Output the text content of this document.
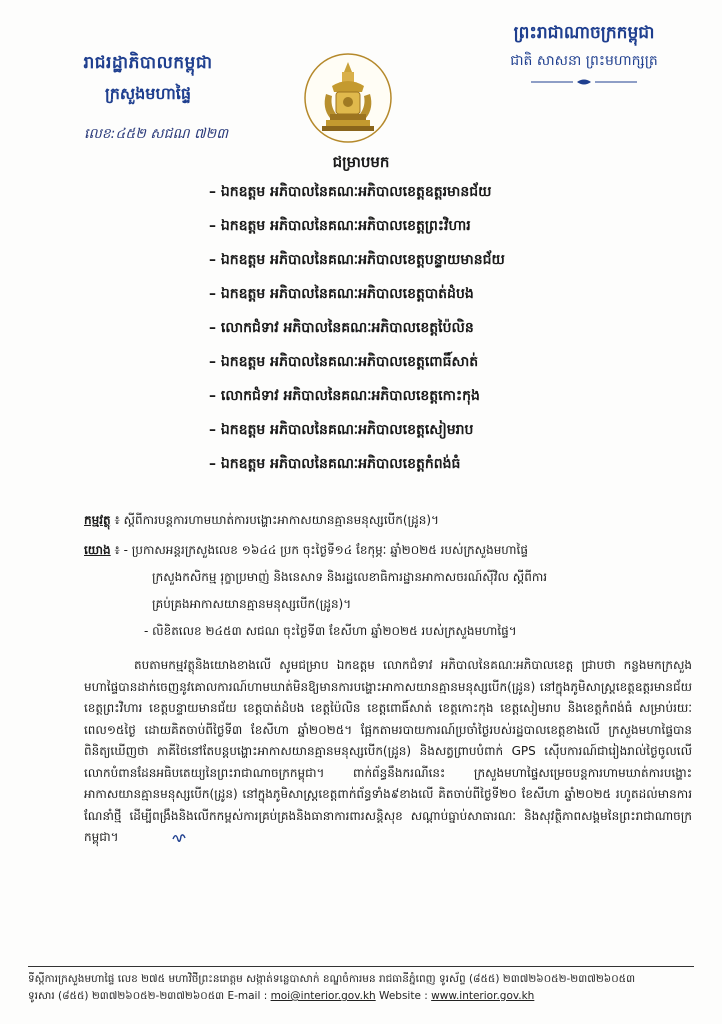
រាជរដ្ឋាភិបាលកម្ពុជា
ក្រសួងមហាផ្ទៃ
លេខ:៤៥២ សជណ ៧២៣
ព្រះរាជាណាចក្រកម្ពុជា
ជាតិ សាសនា ព្រះមហាក្សត្រ
ជម្រាបមក
– ឯកឧត្តម អភិបាលនៃគណៈអភិបាលខេត្តឧត្តរមានជ័យ
– ឯកឧត្តម អភិបាលនៃគណៈអភិបាលខេត្តព្រះវិហារ
– ឯកឧត្តម អភិបាលនៃគណៈអភិបាលខេត្តបន្ទាយមានជ័យ
– ឯកឧត្តម អភិបាលនៃគណៈអភិបាលខេត្តបាត់ដំបង
– លោកជំទាវ អភិបាលនៃគណៈអភិបាលខេត្តប៉ៃលិន
– ឯកឧត្តម អភិបាលនៃគណៈអភិបាលខេត្តពោធិ៍សាត់
– លោកជំទាវ អភិបាលនៃគណៈអភិបាលខេត្តកោះកុង
– ឯកឧត្តម អភិបាលនៃគណៈអភិបាលខេត្តសៀមរាប
– ឯកឧត្តម អភិបាលនៃគណៈអភិបាលខេត្តកំពង់ធំ
កម្មវត្ថុ ៖ ស្តីពីការបន្តការហាមឃាត់ការបង្ហោះអាកាសយានគ្មានមនុស្សបើក(ដ្រូន)។
យោង ៖ - ប្រកាសអន្តរក្រសួងលេខ ១៦៤៤ ប្រក ចុះថ្ងៃទី១៤ ខែកុម្ភៈ ឆ្នាំ២០២៥ របស់ក្រសួងមហាផ្ទៃ
ក្រសួងកសិកម្ម រុក្ខាប្រមាញ់ និងនេសាទ និងរដ្ឋលេខាធិការដ្ឋានអាកាសចរណ៍ស៊ីវិល ស្តីពីការ
គ្រប់គ្រងអាកាសយានគ្មានមនុស្សបើក(ដ្រូន)។
- លិខិតលេខ ២៤៥៣ សជណ ចុះថ្ងៃទី៣ ខែសីហា ឆ្នាំ២០២៥ របស់ក្រសួងមហាផ្ទៃ។

តបតាមកម្មវត្ថុនិងយោងខាងលើ សូមជម្រាប ឯកឧត្តម លោកជំទាវ អភិបាលនៃគណៈអភិបាលខេត្ត ជ្រាបថា កន្លងមកក្រសួងមហាផ្ទៃបានដាក់ចេញនូវគោលការណ៍ហាមឃាត់មិនឱ្យមានការបង្ហោះអាកាសយានគ្មានមនុស្សបើក(ដ្រូន) នៅក្នុងភូមិសាស្រ្តខេត្តឧត្តរមានជ័យ ខេត្តព្រះវិហារ ខេត្តបន្ទាយមានជ័យ ខេត្តបាត់ដំបង ខេត្តប៉ៃលិន ខេត្តពោធិ៍សាត់ ខេត្តកោះកុង ខេត្តសៀមរាប និងខេត្តកំពង់ធំ សម្រាប់រយៈពេល១៥ថ្ងៃ ដោយគិតចាប់ពីថ្ងៃទី៣ ខែសីហា ឆ្នាំ២០២៥។ ផ្អែកតាមរបាយការណ៍ប្រចាំថ្ងៃរបស់រដ្ឋបាលខេត្តខាងលើ ក្រសួងមហាផ្ទៃបានពិនិត្យឃើញថា ភាគីថៃនៅតែបន្តបង្ហោះអាកាសយានគ្មានមនុស្សបើក(ដ្រូន) និងសត្វព្រាបបំពាក់ GPS ស៊ើបការណ៍ជារៀងរាល់ថ្ងៃចូលលើលោកបំពានដែនអធិបតេយ្យនៃព្រះរាជាណាចក្រកម្ពុជា។ ពាក់ព័ន្ធនឹងករណីនេះ ក្រសួងមហាផ្ទៃសម្រេចបន្តការហាមឃាត់ការបង្ហោះអាកាសយានគ្មានមនុស្សបើក(ដ្រូន) នៅក្នុងភូមិសាស្រ្តខេត្តពាក់ព័ន្ធទាំង៩ខាងលើ គិតចាប់ពីថ្ងៃទី២០ ខែសីហា ឆ្នាំ២០២៥ រហូតដល់មានការណែនាំថ្មី ដើម្បីពង្រឹងនិងលើកកម្ពស់ការគ្រប់គ្រងនិងធានាការពារសន្តិសុខ សណ្តាប់ធ្នាប់សាធារណៈ និងសុវត្ថិភាពសង្គមនៃព្រះរាជាណាចក្រកម្ពុជា។

ទីស្តីការក្រសួងមហាផ្ទៃ លេខ ២៧៥ មហាវិថីព្រះនរោត្តម សង្កាត់ទន្លេបាសាក់ ខណ្ឌចំការមន រាជធានីភ្នំពេញ ទូរស័ព្ទ (៨៥៥) ២៣៧២៦០៥២-២៣៧២៦០៥៣
ទូរសារ (៨៥៥) ២៣៧២៦០៥២-២៣៧២៦០៥៣ E-mail : moi@interior.gov.kh Website : www.interior.gov.kh
